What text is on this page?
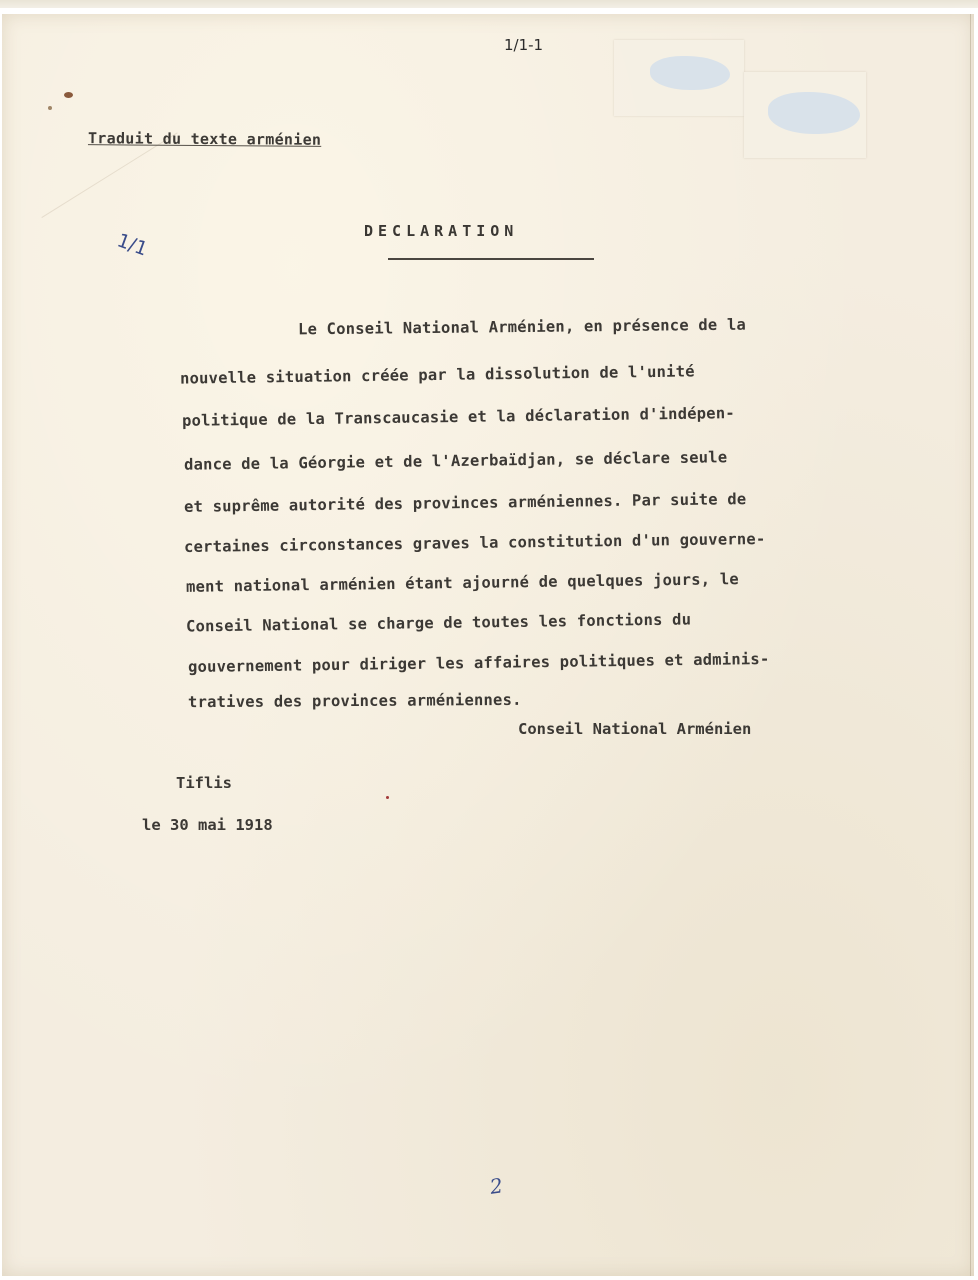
1/1-1
Traduit du texte arménien
1/1	DECLARATION
Le Conseil National Arménien, en présence de la
nouvelle situation créée par la dissolution de l'unité
politique de la Transcaucasie et la déclaration d'indépen-
dance de la Géorgie et de l'Azerbaïdjan, se déclare seule
et suprême autorité des provinces arméniennes. Par suite de
certaines circonstances graves la constitution d'un gouverne-
ment national arménien étant ajourné de quelques jours, le
Conseil National se charge de toutes les fonctions du
gouvernement pour diriger les affaires politiques et adminis-
tratives des provinces arméniennes.
Conseil National Arménien
Tiflis
le 30 mai 1918
2
